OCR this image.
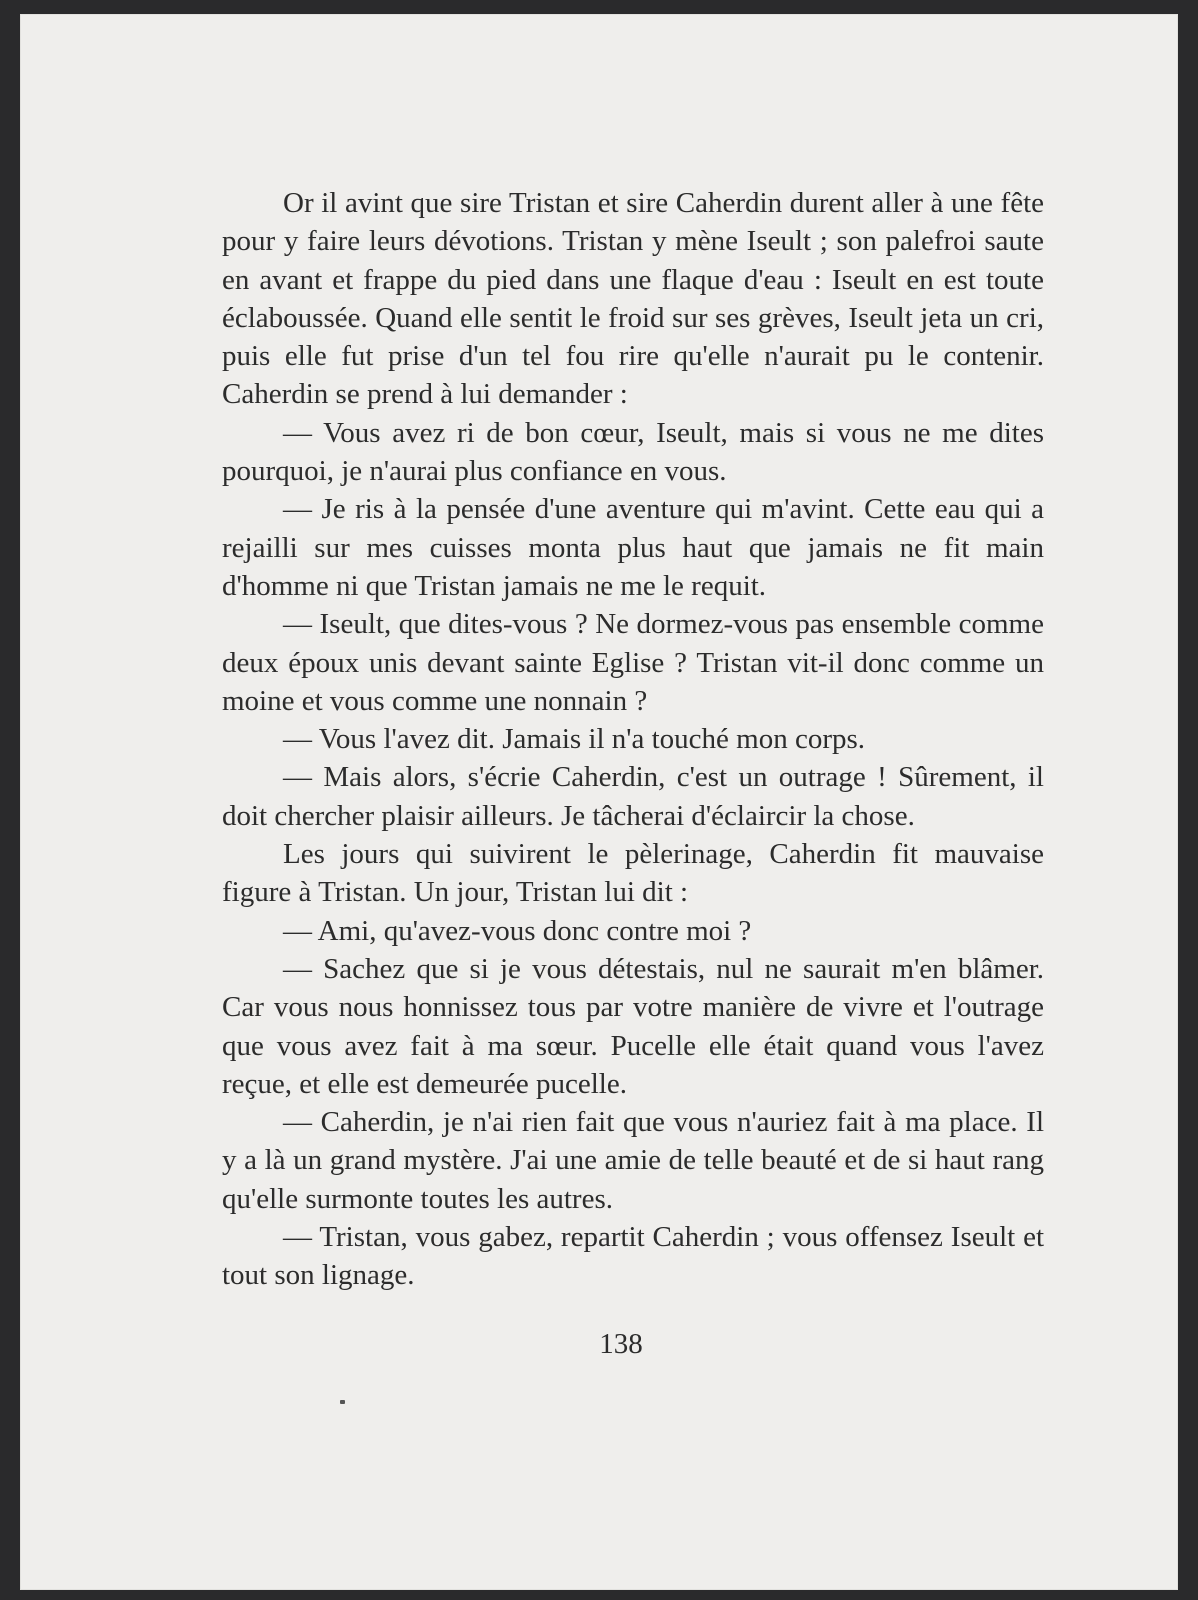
Or il avint que sire Tristan et sire Caherdin durent aller à une fête pour y faire leurs dévotions. Tristan y mène Iseult ; son palefroi saute en avant et frappe du pied dans une flaque d'eau : Iseult en est toute éclaboussée. Quand elle sentit le froid sur ses grèves, Iseult jeta un cri, puis elle fut prise d'un tel fou rire qu'elle n'aurait pu le contenir. Caherdin se prend à lui demander :

— Vous avez ri de bon cœur, Iseult, mais si vous ne me dites pourquoi, je n'aurai plus confiance en vous.

— Je ris à la pensée d'une aventure qui m'avint. Cette eau qui a rejailli sur mes cuisses monta plus haut que jamais ne fit main d'homme ni que Tristan jamais ne me le requit.

— Iseult, que dites-vous ? Ne dormez-vous pas ensemble comme deux époux unis devant sainte Eglise ? Tristan vit-il donc comme un moine et vous comme une nonnain ?

— Vous l'avez dit. Jamais il n'a touché mon corps.

— Mais alors, s'écrie Caherdin, c'est un outrage ! Sûrement, il doit chercher plaisir ailleurs. Je tâcherai d'éclaircir la chose.

Les jours qui suivirent le pèlerinage, Caherdin fit mauvaise figure à Tristan. Un jour, Tristan lui dit :

— Ami, qu'avez-vous donc contre moi ?

— Sachez que si je vous détestais, nul ne saurait m'en blâmer. Car vous nous honnissez tous par votre manière de vivre et l'outrage que vous avez fait à ma sœur. Pucelle elle était quand vous l'avez reçue, et elle est demeurée pucelle.

— Caherdin, je n'ai rien fait que vous n'auriez fait à ma place. Il y a là un grand mystère. J'ai une amie de telle beauté et de si haut rang qu'elle surmonte toutes les autres.

— Tristan, vous gabez, repartit Caherdin ; vous offensez Iseult et tout son lignage.

138
